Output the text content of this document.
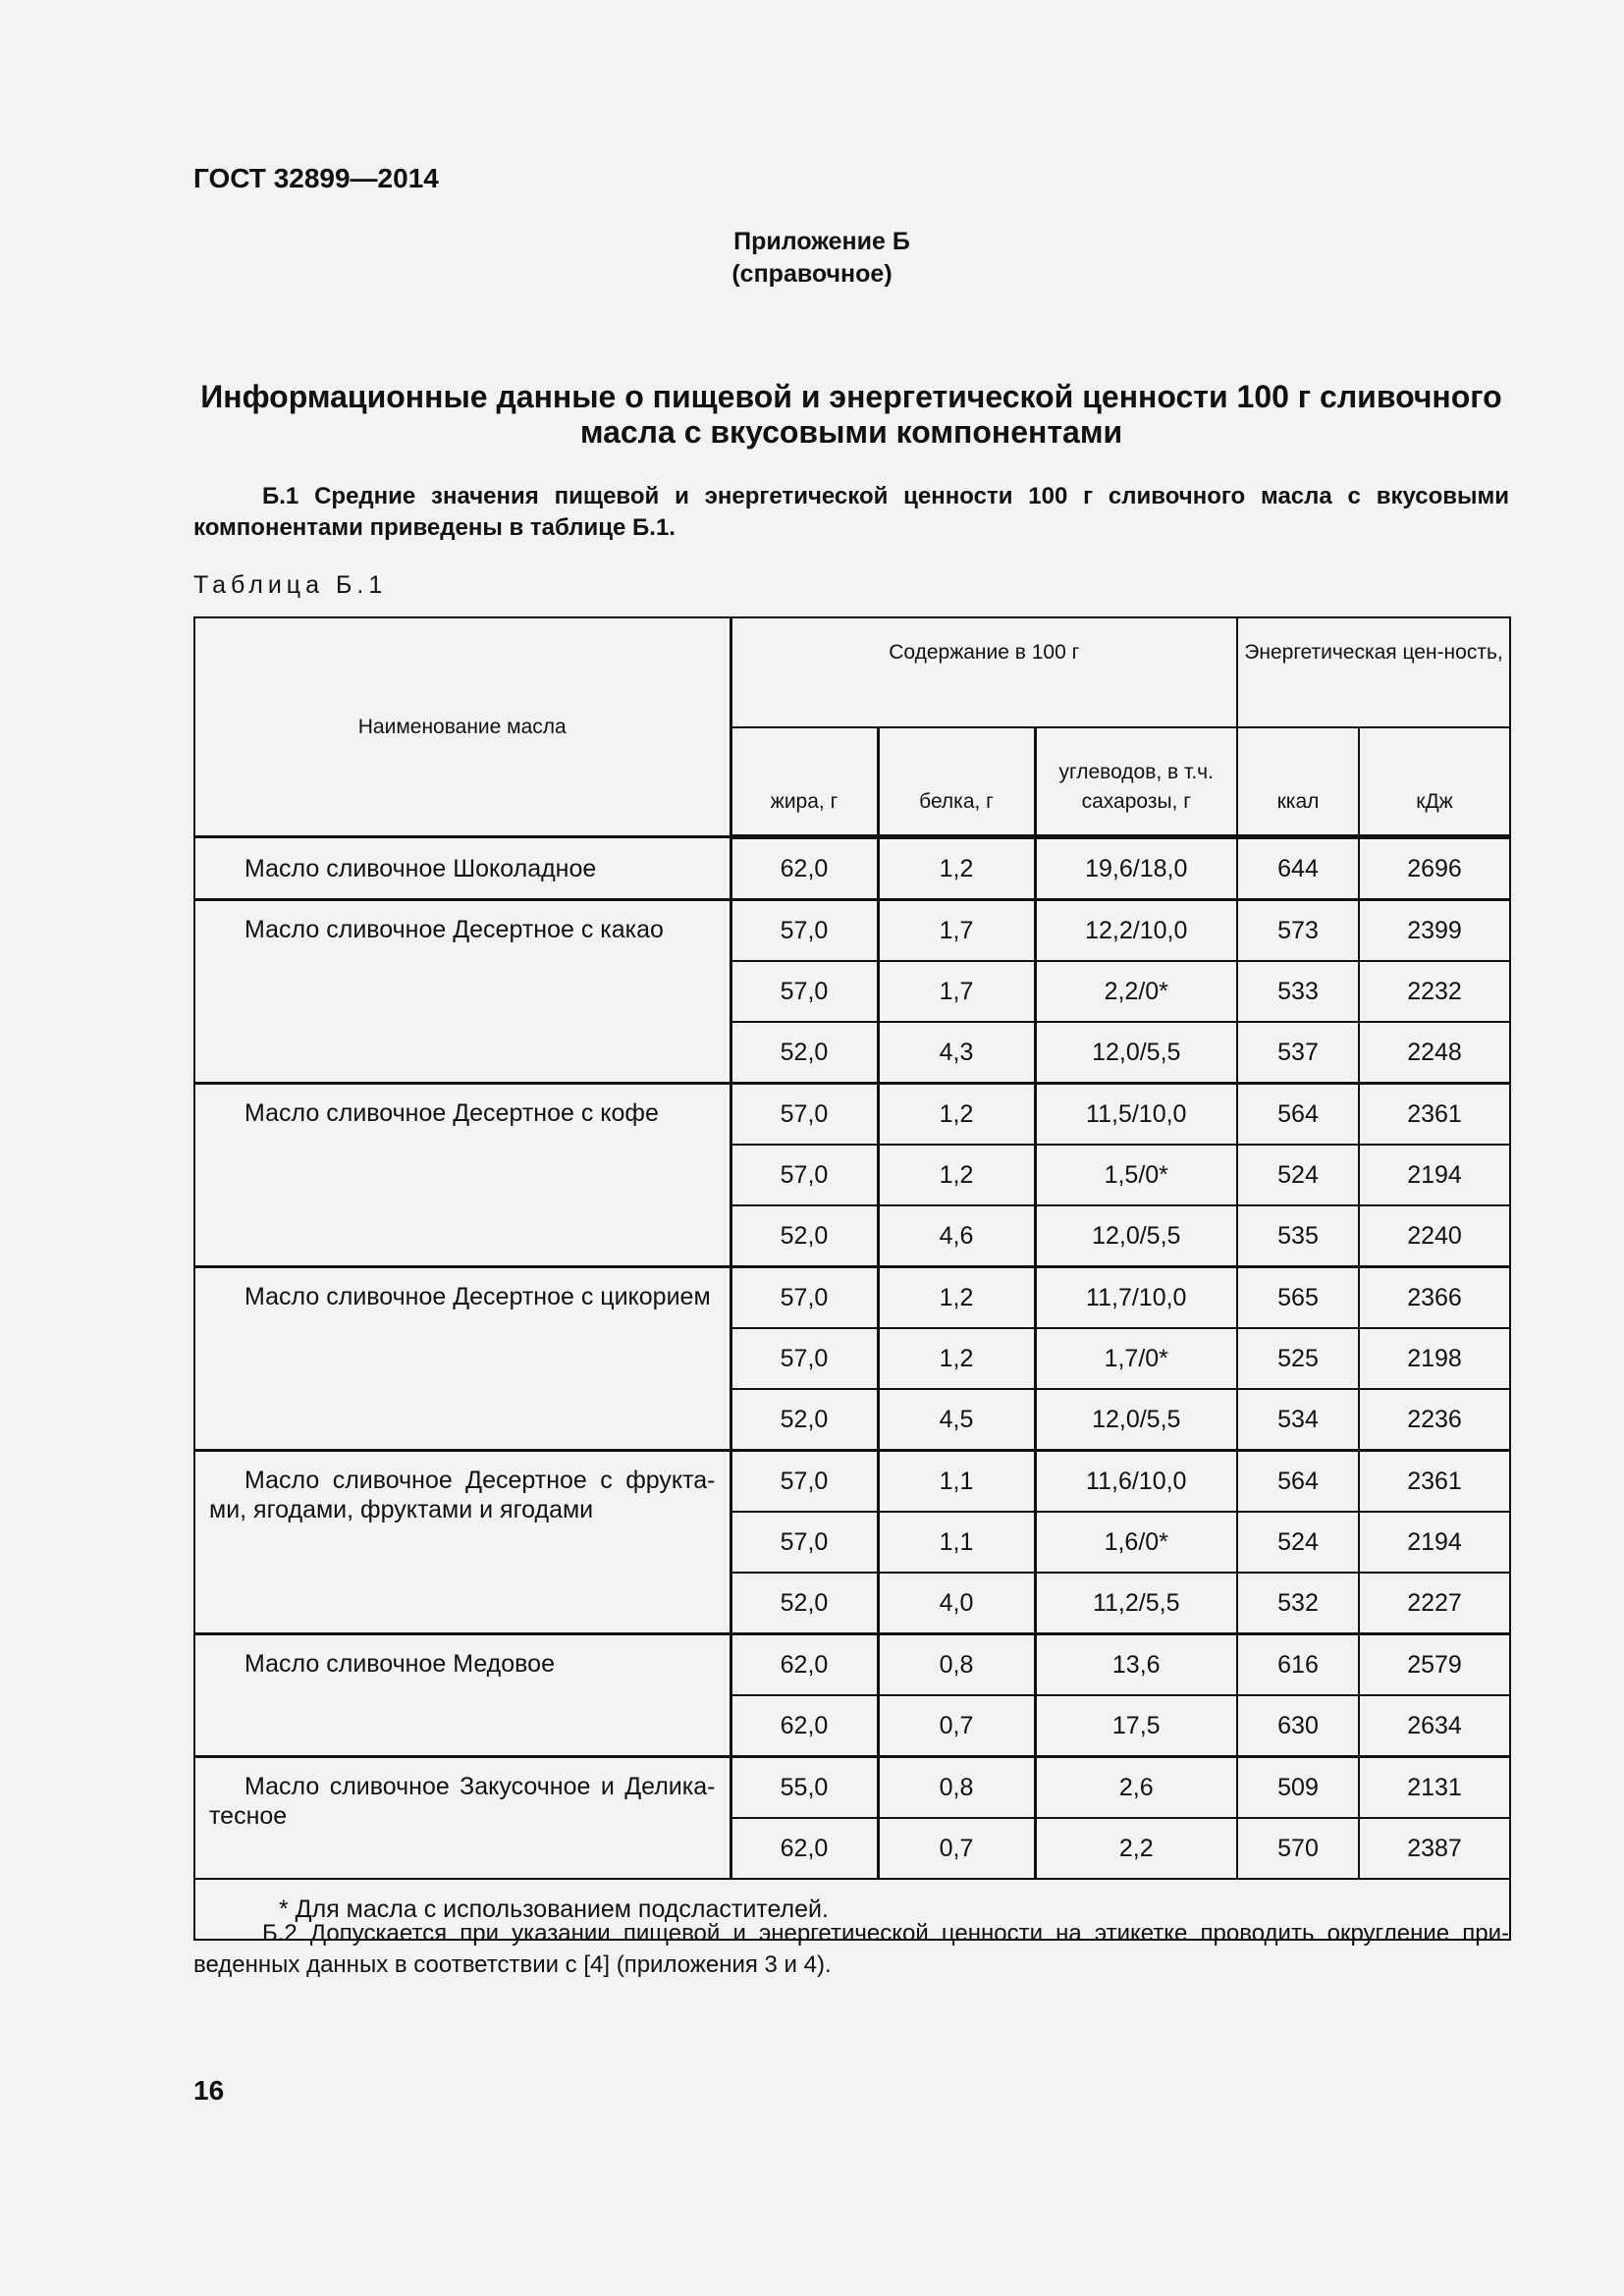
ГОСТ 32899—2014
Приложение Б
(справочное)
Информационные данные о пищевой и энергетической ценности 100 г сливочного масла с вкусовыми компонентами
Б.1 Средние значения пищевой и энергетической ценности 100 г сливочного масла с вкусовыми компонентами приведены в таблице Б.1.
Таблица Б.1
Наименование масла	Содержание в 100 г			Энергетическая цен-ность,	
	жира, г	белка, г	углеводов, в т.ч. сахарозы, г	ккал	кДж
Масло сливочное Шоколадное	62,0	1,2	19,6/18,0	644	2696
Масло сливочное Десертное с какао	57,0	1,7	12,2/10,0	573	2399
	57,0	1,7	2,2/0*	533	2232
	52,0	4,3	12,0/5,5	537	2248
Масло сливочное Десертное с кофе	57,0	1,2	11,5/10,0	564	2361
	57,0	1,2	1,5/0*	524	2194
	52,0	4,6	12,0/5,5	535	2240
Масло сливочное Десертное с цикорием	57,0	1,2	11,7/10,0	565	2366
	57,0	1,2	1,7/0*	525	2198
	52,0	4,5	12,0/5,5	534	2236
Масло сливочное Десертное с фрукта-ми, ягодами, фруктами и ягодами	57,0	1,1	11,6/10,0	564	2361
	57,0	1,1	1,6/0*	524	2194
	52,0	4,0	11,2/5,5	532	2227
Масло сливочное Медовое	62,0	0,8	13,6	616	2579
	62,0	0,7	17,5	630	2634
Масло сливочное Закусочное и Делика-тесное	55,0	0,8	2,6	509	2131
	62,0	0,7	2,2	570	2387
* Для масла с использованием подсластителей.					
Б.2 Допускается при указании пищевой и энергетической ценности на этикетке проводить округление при-веденных данных в соответствии с [4] (приложения 3 и 4).
16
